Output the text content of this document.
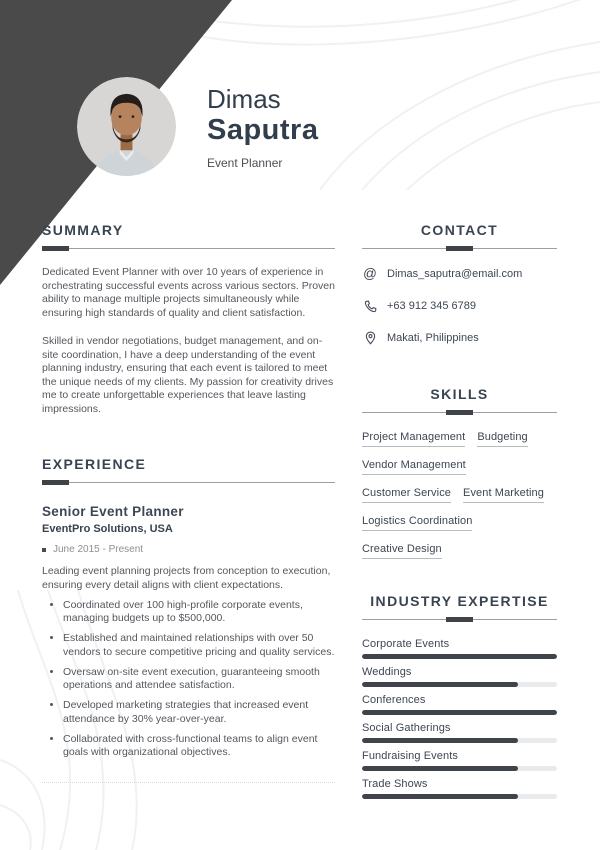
Dimas
Saputra
Event Planner
SUMMARY

Dedicated Event Planner with over 10 years of experience in orchestrating successful events across various sectors. Proven ability to manage multiple projects simultaneously while ensuring high standards of quality and client satisfaction.

Skilled in vendor negotiations, budget management, and on-site coordination, I have a deep understanding of the event planning industry, ensuring that each event is tailored to meet the unique needs of my clients. My passion for creativity drives me to create unforgettable experiences that leave lasting impressions.

EXPERIENCE
Senior Event Planner
EventPro Solutions, USA
June 2015 - Present

Leading event planning projects from conception to execution, ensuring every detail aligns with client expectations.

• Coordinated over 100 high-profile corporate events, managing budgets up to $500,000.
• Established and maintained relationships with over 50 vendors to secure competitive pricing and quality services.
• Oversaw on-site event execution, guaranteeing smooth operations and attendee satisfaction.
• Developed marketing strategies that increased event attendance by 30% year-over-year.
• Collaborated with cross-functional teams to align event goals with organizational objectives.
CONTACT
@ Dimas_saputra@email.com
+63 912 345 6789
Makati, Philippines
SKILLS
Project Management Budgeting
Vendor Management
Customer Service Event Marketing
Logistics Coordination
Creative Design
INDUSTRY EXPERTISE
Corporate Events
Weddings
Conferences
Social Gatherings
Fundraising Events
Trade Shows
